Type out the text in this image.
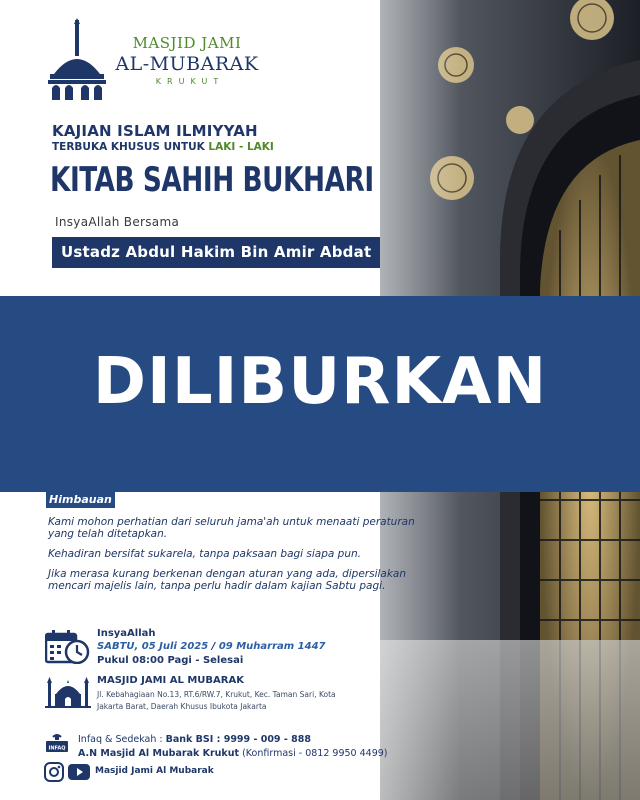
MASJID JAMI
AL-MUBARAK
KRUKUT
KAJIAN ISLAM ILMIYYAH
TERBUKA KHUSUS UNTUK LAKI - LAKI
KITAB SAHIH BUKHARI
InsyaAllah Bersama
Ustadz Abdul Hakim Bin Amir Abdat
DILIBURKAN
Himbauan
Kami mohon perhatian dari seluruh jama'ah untuk menaati peraturan yang telah ditetapkan.
Kehadiran bersifat sukarela, tanpa paksaan bagi siapa pun.
Jika merasa kurang berkenan dengan aturan yang ada, dipersilakan mencari majelis lain, tanpa perlu hadir dalam kajian Sabtu pagi.
InsyaAllah
SABTU, 05 Juli 2025 / 09 Muharram 1447
Pukul 08:00 Pagi - Selesai
MASJID JAMI AL MUBARAK
Jl. Kebahagiaan No.13, RT.6/RW.7, Krukut, Kec. Taman Sari, Kota Jakarta Barat, Daerah Khusus Ibukota Jakarta
INFAQ
Infaq & Sedekah : Bank BSI : 9999 - 009 - 888
A.N Masjid Al Mubarak Krukut (Konfirmasi - 0812 9950 4499)
Masjid Jami Al Mubarak
